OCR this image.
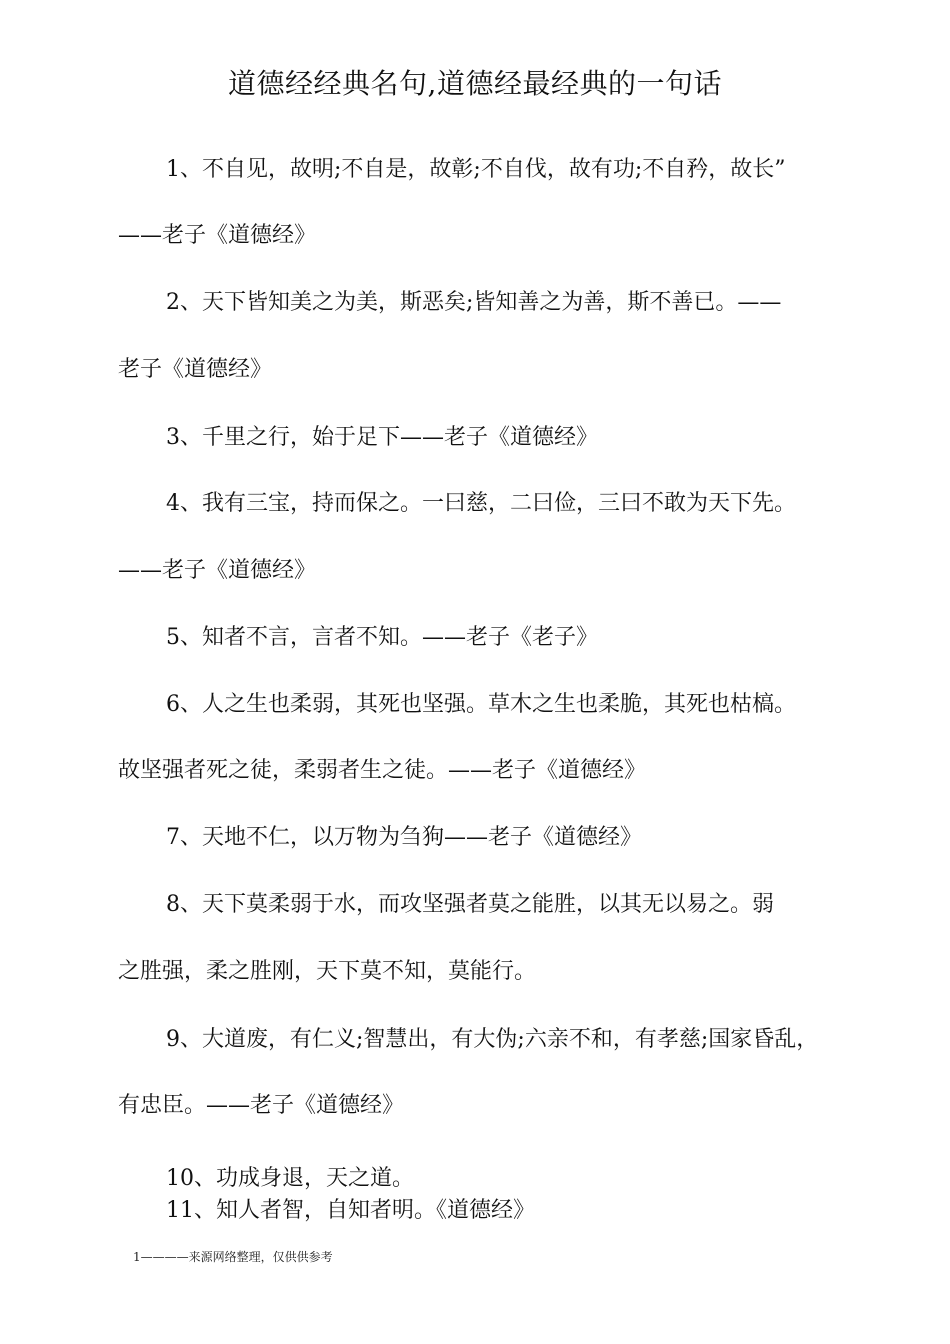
道德经经典名句,道德经最经典的一句话
1、不自见，故明;不自是，故彰;不自伐，故有功;不自矜，故长”
——老子《道德经》
2、天下皆知美之为美，斯恶矣;皆知善之为善，斯不善已。——
老子《道德经》
3、千里之行，始于足下——老子《道德经》
4、我有三宝，持而保之。一曰慈，二曰俭，三曰不敢为天下先。
——老子《道德经》
5、知者不言，言者不知。——老子《老子》
6、人之生也柔弱，其死也坚强。草木之生也柔脆，其死也枯槁。
故坚强者死之徒，柔弱者生之徒。——老子《道德经》
7、天地不仁，以万物为刍狗——老子《道德经》
8、天下莫柔弱于水，而攻坚强者莫之能胜，以其无以易之。弱
之胜强，柔之胜刚，天下莫不知，莫能行。
9、大道废，有仁义;智慧出，有大伪;六亲不和，有孝慈;国家昏乱，
有忠臣。——老子《道德经》
10、功成身退，天之道。
11、知人者智，自知者明。《道德经》
1————来源网络整理，仅供供参考
